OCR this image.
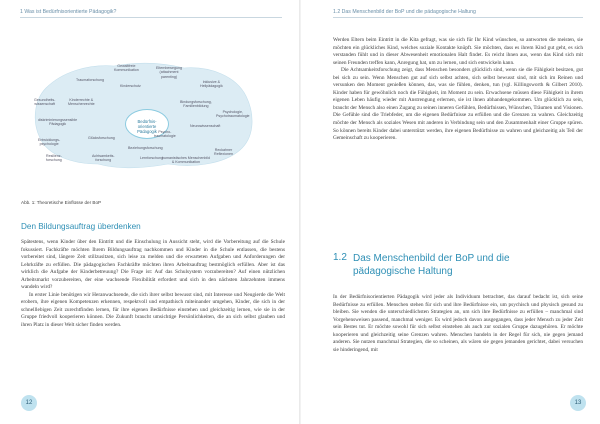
1 Was ist Bedürfnisorientierte Pädagogik?
Bedürfnis-
orientierte
Pädagogik
Gewaltfreie
Kommunikation
Elternbewegung
(attachment
parenting)
Traumaforschung	Inklusive &
Heilpädagogik
Gesundheits-
wissenschaft
Kinderschutz
Kinderrechte &
Menschenrechte
Bindungsforschung,
Familienbildung
Psychologie,
Psychotraumatologie
diskriminierungssensible
Pädagogik	Neurowissenschaft
Entwicklungs-
psychologie
Glücksforschung
Psycho-
traumatologie
Beziehungsforschung
Resilienz-
forschung
Reckahner
Reflexionen
Achtsamkeits-
forschung
humanistisches Menschenbild
& Kommunikation
Lernforschung
Abb. 1: Theoretische Einflüsse der BoP
Den Bildungsauftrag überdenken

Spätestens, wenn Kinder über den Eintritt und die Einschulung in Aussicht steht, wird die Vorbereitung auf die Schule fokussiert. Fachkräfte möchten Ihrem Bildungsauftrag nachkommen und Kinder in die Schule entlassen, die bestens vorbereitet sind, längere Zeit stillzusitzen, sich leise zu melden und die erwarteten Aufgaben und Anforderungen der Lehrkräfte zu erfüllen. Die pädagogischen Fachkräfte möchten ihren Arbeitsauftrag bestmöglich erfüllen. Aber ist das wirklich die Aufgabe der Kinderbetreuung? Die Frage ist: Auf das Schulsystem vorzubereiten? Auf einen nützlichen Arbeitsmarkt vorzubereiten, der eine wachsende Flexibilität erfordert und sich in den nächsten Jahrzehnten immens wandeln wird?

In erster Linie benötigen wir Heranwachsende, die sich ihrer selbst bewusst sind, mit Interesse und Neugierde die Welt erobern, ihre eigenen Kompetenzen erkennen, respektvoll und empathisch miteinander umgehen, Kinder, die sich in der schnelllebigen Zeit zurechtfinden lernen, für ihre eigenen Bedürfnisse einstehen und gleichzeitig lernen, wie sie in der Gruppe friedvoll kooperieren können. Die Zukunft braucht umsichtige Persönlichkeiten, die an sich selbst glauben und ihren Platz in dieser Welt sicher finden werden.

12
1.2 Das Menschenbild der BoP und die pädagogische Haltung

Werden Eltern beim Eintritt in die Kita gefragt, was sie sich für Ihr Kind wünschen, so antworten die meisten, sie möchten ein glückliches Kind, welches soziale Kontakte knüpft. Sie möchten, dass es ihrem Kind gut geht, es sich verstanden fühlt und in dieser Abwesenheit emotionalen Halt findet. Es reicht ihnen aus, wenn das Kind sich mit seinen Freunden treffen kann, Anregung hat, um zu lernen, und sich entwickeln kann.

Die Achtsamkeitsforschung zeigt, dass Menschen besonders glücklich sind, wenn sie die Fähigkeit besitzen, gut bei sich zu sein. Wenn Menschen gut auf sich selbst achten, sich selbst bewusst sind, mit sich im Reinen und versunken den Moment genießen können, das, was sie fühlen, denken, tun (vgl. Killingsworth & Gilbert 2010). Kinder haben für gewöhnlich noch die Fähigkeit, im Moment zu sein. Erwachsene müssen diese Fähigkeit in ihrem eigenen Leben häufig wieder mit Anstrengung erlernen, sie ist ihnen abhandengekommen. Um glücklich zu sein, braucht der Mensch also einen Zugang zu seinen inneren Gefühlen, Bedürfnissen, Wünschen, Träumen und Visionen. Die Gefühle sind die Triebfeder, um die eigenen Bedürfnisse zu erfüllen und die Grenzen zu wahren. Gleichzeitig möchte der Mensch als soziales Wesen mit anderen in Verbindung sein und den Zusammenhalt einer Gruppe spüren. So können bereits Kinder dabei unterstützt werden, ihre eigenen Bedürfnisse zu wahren und gleichzeitig als Teil der Gemeinschaft zu kooperieren.

1.2 Das Menschenbild der BoP und die pädagogische Haltung

In der Bedürfnisorientierten Pädagogik wird jeder als Individuum betrachtet, das darauf bedacht ist, sich seine Bedürfnisse zu erfüllen. Menschen stehen für sich und ihre Bedürfnisse ein, um psychisch und physisch gesund zu bleiben. Sie wenden die unterschiedlichsten Strategien an, um sich ihre Bedürfnisse zu erfüllen – manchmal sind Vorgehensweisen passend, manchmal weniger. Es wird jedoch davon ausgegangen, dass jeder Mensch zu jeder Zeit sein Bestes tut. Er möchte sowohl für sich selbst einstehen als auch zur sozialen Gruppe dazugehören. Er möchte kooperieren und gleichzeitig seine Grenzen wahren. Menschen handeln in der Regel für sich, nie gegen jemand anderen. Sie nutzen manchmal Strategien, die so scheinen, als wären sie gegen jemanden gerichtet, dabei versuchen sie hinderingend, mit

13
